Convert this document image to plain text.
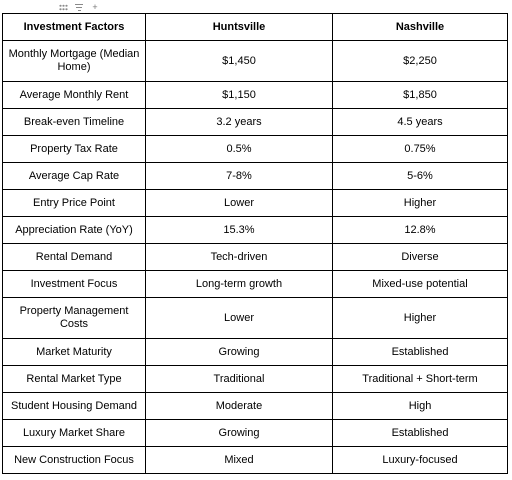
+
Investment Factors	Huntsville	Nashville
Monthly Mortgage (Median Home)	$1,450	$2,250
Average Monthly Rent	$1,150	$1,850
Break-even Timeline	3.2 years	4.5 years
Property Tax Rate	0.5%	0.75%
Average Cap Rate	7-8%	5-6%
Entry Price Point	Lower	Higher
Appreciation Rate (YoY)	15.3%	12.8%
Rental Demand	Tech-driven	Diverse
Investment Focus	Long-term growth	Mixed-use potential
Property Management Costs	Lower	Higher
Market Maturity	Growing	Established
Rental Market Type	Traditional	Traditional + Short-term
Student Housing Demand	Moderate	High
Luxury Market Share	Growing	Established
New Construction Focus	Mixed	Luxury-focused
